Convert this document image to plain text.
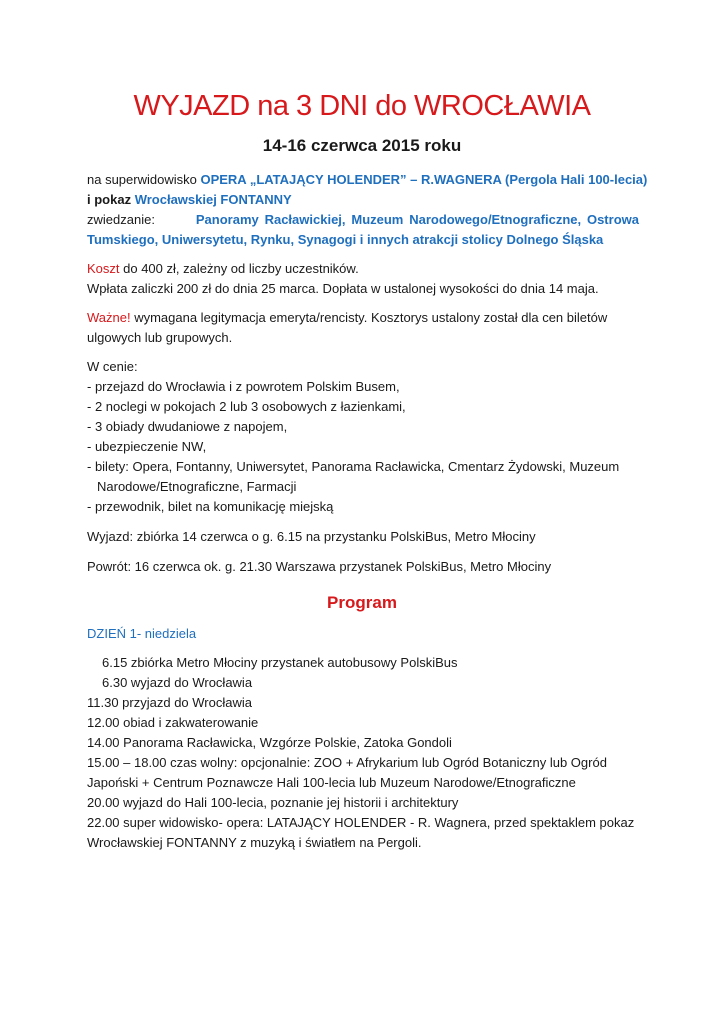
WYJAZD na 3 DNI do WROCŁAWIA
14-16 czerwca 2015 roku
na superwidowisko OPERA „LATAJĄCY HOLENDER” – R.WAGNERA (Pergola Hali 100-lecia)
i pokaz Wrocławskiej FONTANNY
zwiedzanie:	Panoramy Racławickiej, Muzeum Narodowego/Etnograficzne, Ostrowa
Tumskiego, Uniwersytetu, Rynku, Synagogi i innych atrakcji stolicy Dolnego Śląska
Koszt do 400 zł, zależny od liczby uczestników.
Wpłata zaliczki 200 zł do dnia 25 marca. Dopłata w ustalonej wysokości do dnia 14 maja.
Ważne! wymagana legitymacja emeryta/rencisty. Kosztorys ustalony został dla cen biletów
ulgowych lub grupowych.
W cenie:
- przejazd do Wrocławia i z powrotem Polskim Busem,
- 2 noclegi w pokojach 2 lub 3 osobowych z łazienkami,
- 3 obiady dwudaniowe z napojem,
- ubezpieczenie NW,
- bilety: Opera, Fontanny, Uniwersytet, Panorama Racławicka, Cmentarz Żydowski, Muzeum
Narodowe/Etnograficzne, Farmacji
- przewodnik, bilet na komunikację miejską
Wyjazd: zbiórka 14 czerwca o g. 6.15 na przystanku PolskiBus, Metro Młociny
Powrót: 16 czerwca ok. g. 21.30 Warszawa przystanek PolskiBus, Metro Młociny
Program
DZIEŃ 1- niedziela
6.15 zbiórka Metro Młociny przystanek autobusowy PolskiBus
6.30 wyjazd do Wrocławia
11.30 przyjazd do Wrocławia
12.00 obiad i zakwaterowanie
14.00 Panorama Racławicka, Wzgórze Polskie, Zatoka Gondoli
15.00 – 18.00 czas wolny: opcjonalnie: ZOO + Afrykarium lub Ogród Botaniczny lub Ogród
Japoński + Centrum Poznawcze Hali 100-lecia lub Muzeum Narodowe/Etnograficzne
20.00 wyjazd do Hali 100-lecia, poznanie jej historii i architektury
22.00 super widowisko- opera: LATAJĄCY HOLENDER - R. Wagnera, przed spektaklem pokaz
Wrocławskiej FONTANNY z muzyką i światłem na Pergoli.
